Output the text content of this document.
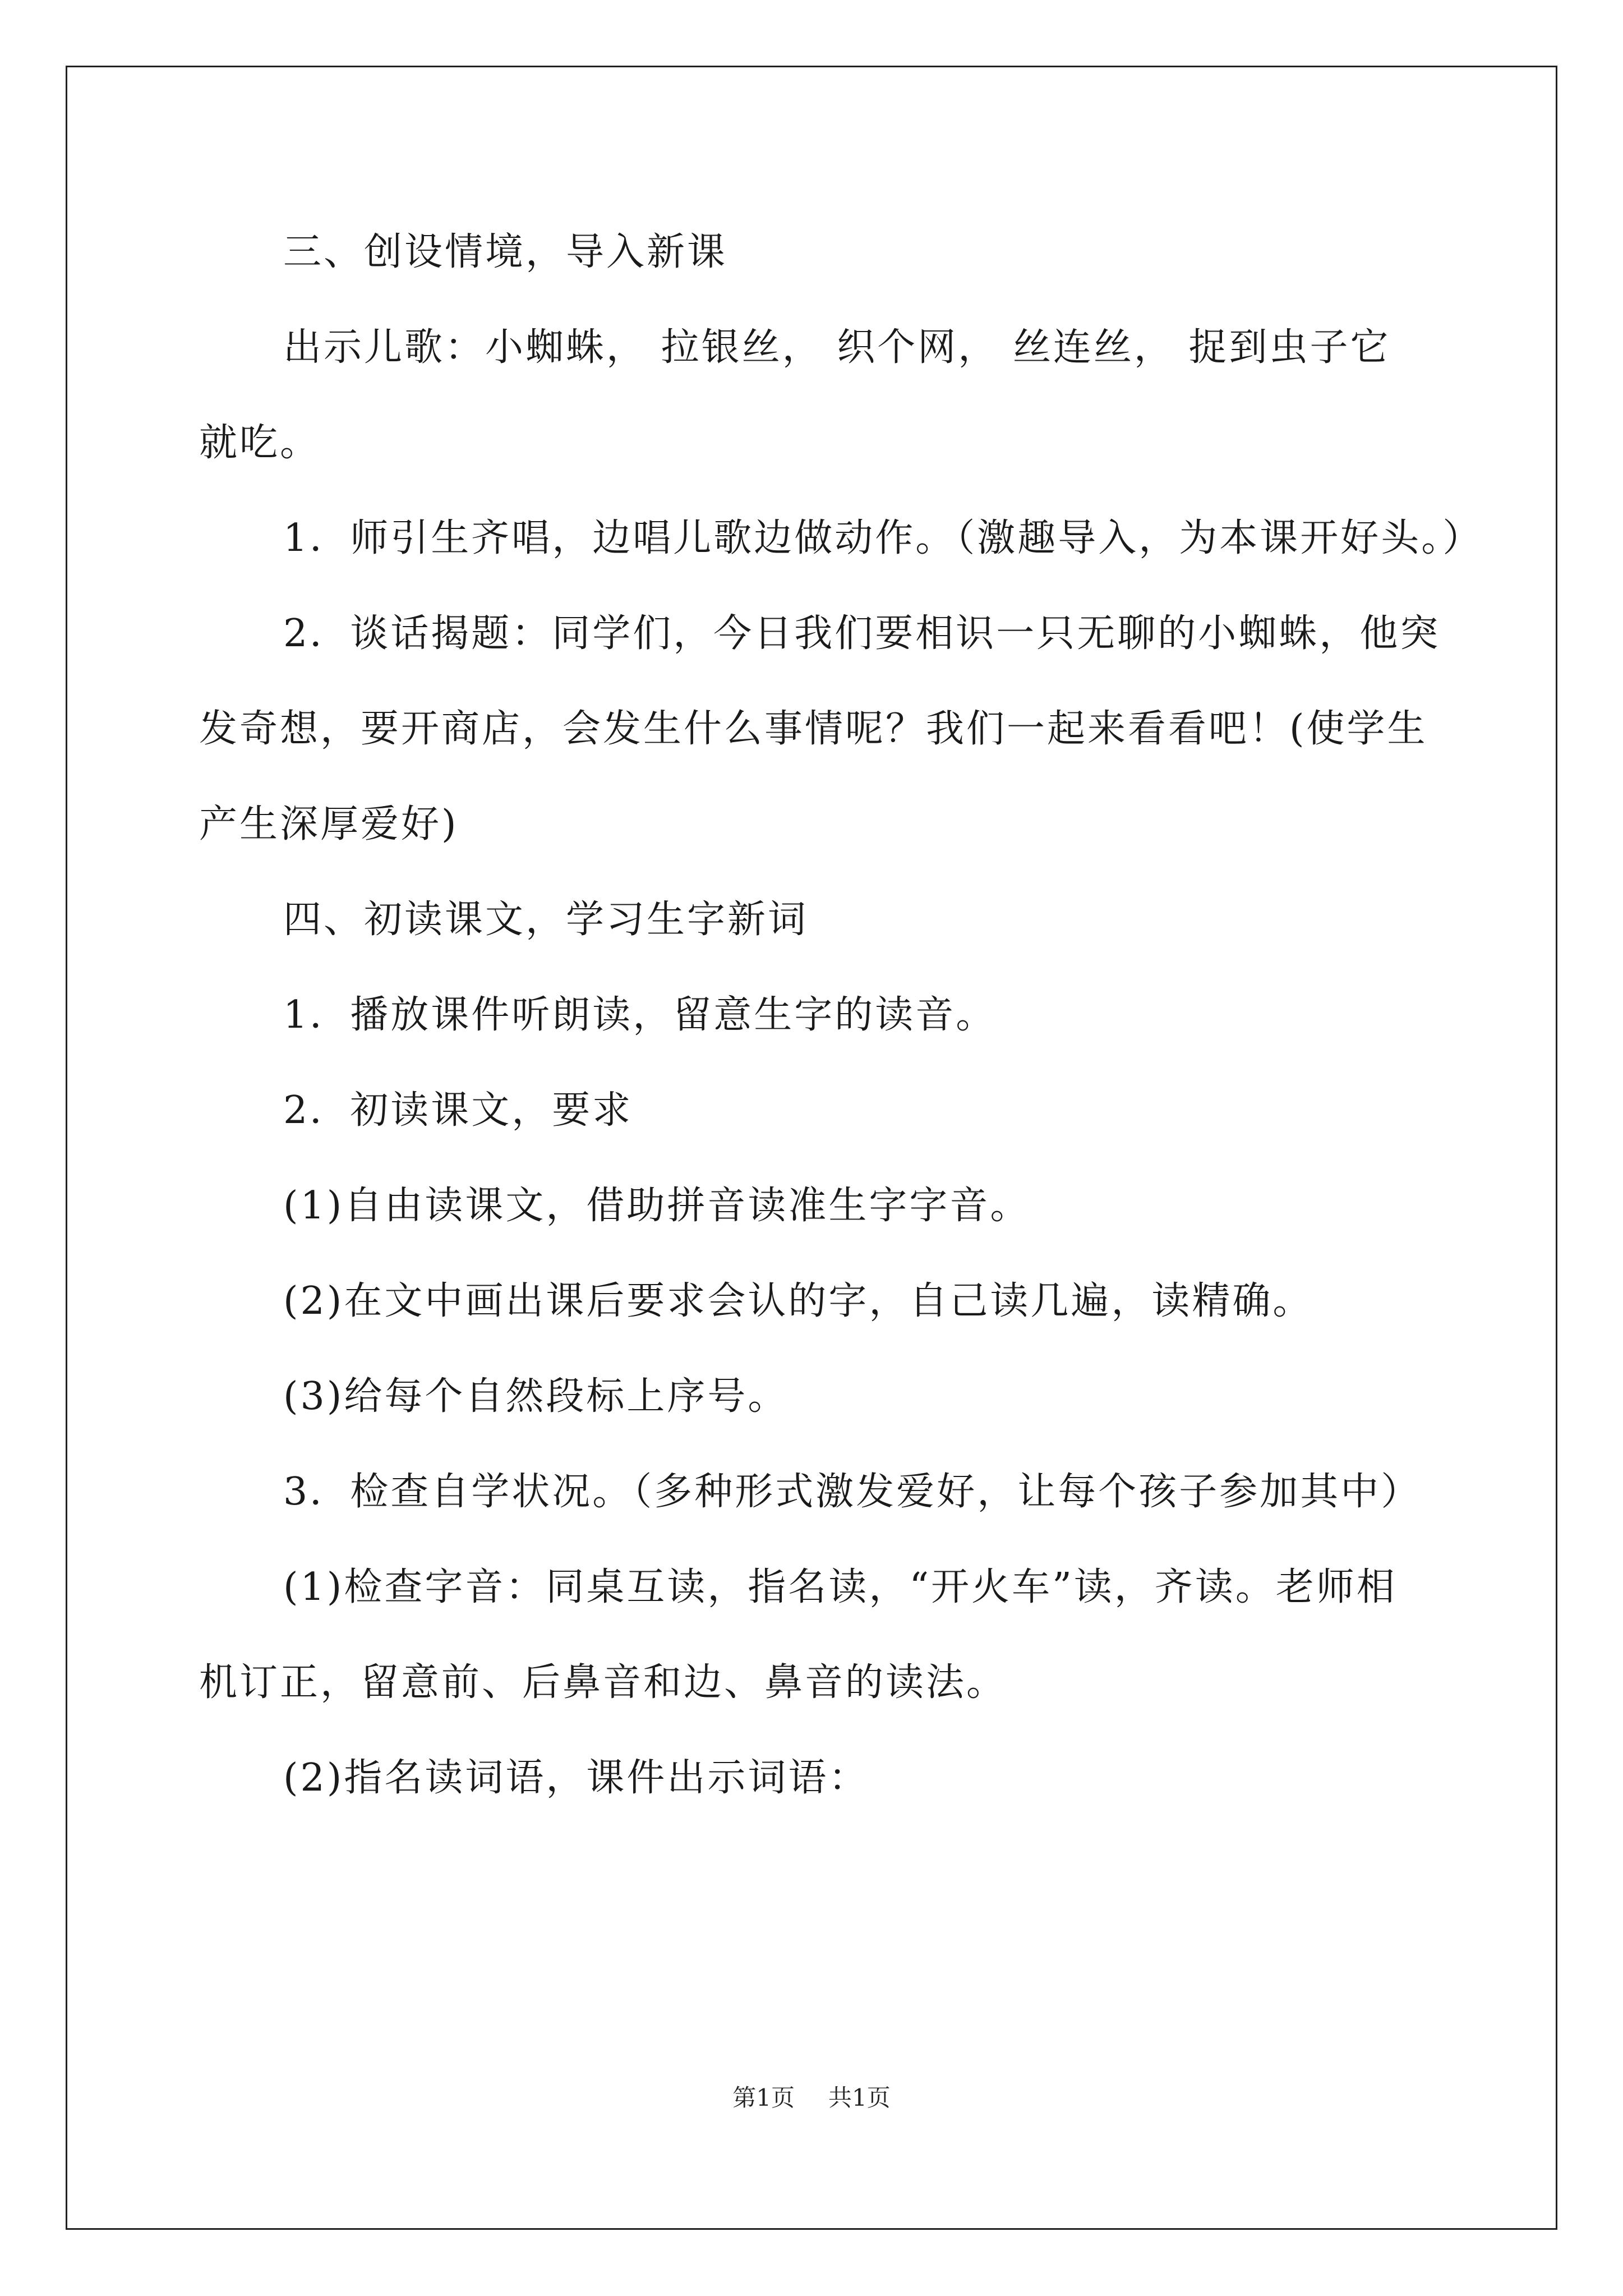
三、创设情境，导入新课
出示儿歌：小蜘蛛， 拉银丝， 织个网， 丝连丝， 捉到虫子它
就吃。
1．师引生齐唱，边唱儿歌边做动作。（激趣导入，为本课开好头。）
2．谈话揭题：同学们，今日我们要相识一只无聊的小蜘蛛，他突
发奇想，要开商店，会发生什么事情呢？我们一起来看看吧！(使学生
产生深厚爱好)
四、初读课文，学习生字新词
1．播放课件听朗读，留意生字的读音。
2．初读课文，要求
(1)自由读课文，借助拼音读准生字字音。
(2)在文中画出课后要求会认的字，自己读几遍，读精确。
(3)给每个自然段标上序号。
3．检查自学状况。（多种形式激发爱好，让每个孩子参加其中）
(1)检查字音：同桌互读，指名读，“开火车”读，齐读。老师相
机订正，留意前、后鼻音和边、鼻音的读法。
(2)指名读词语，课件出示词语：
第1页 共1页
